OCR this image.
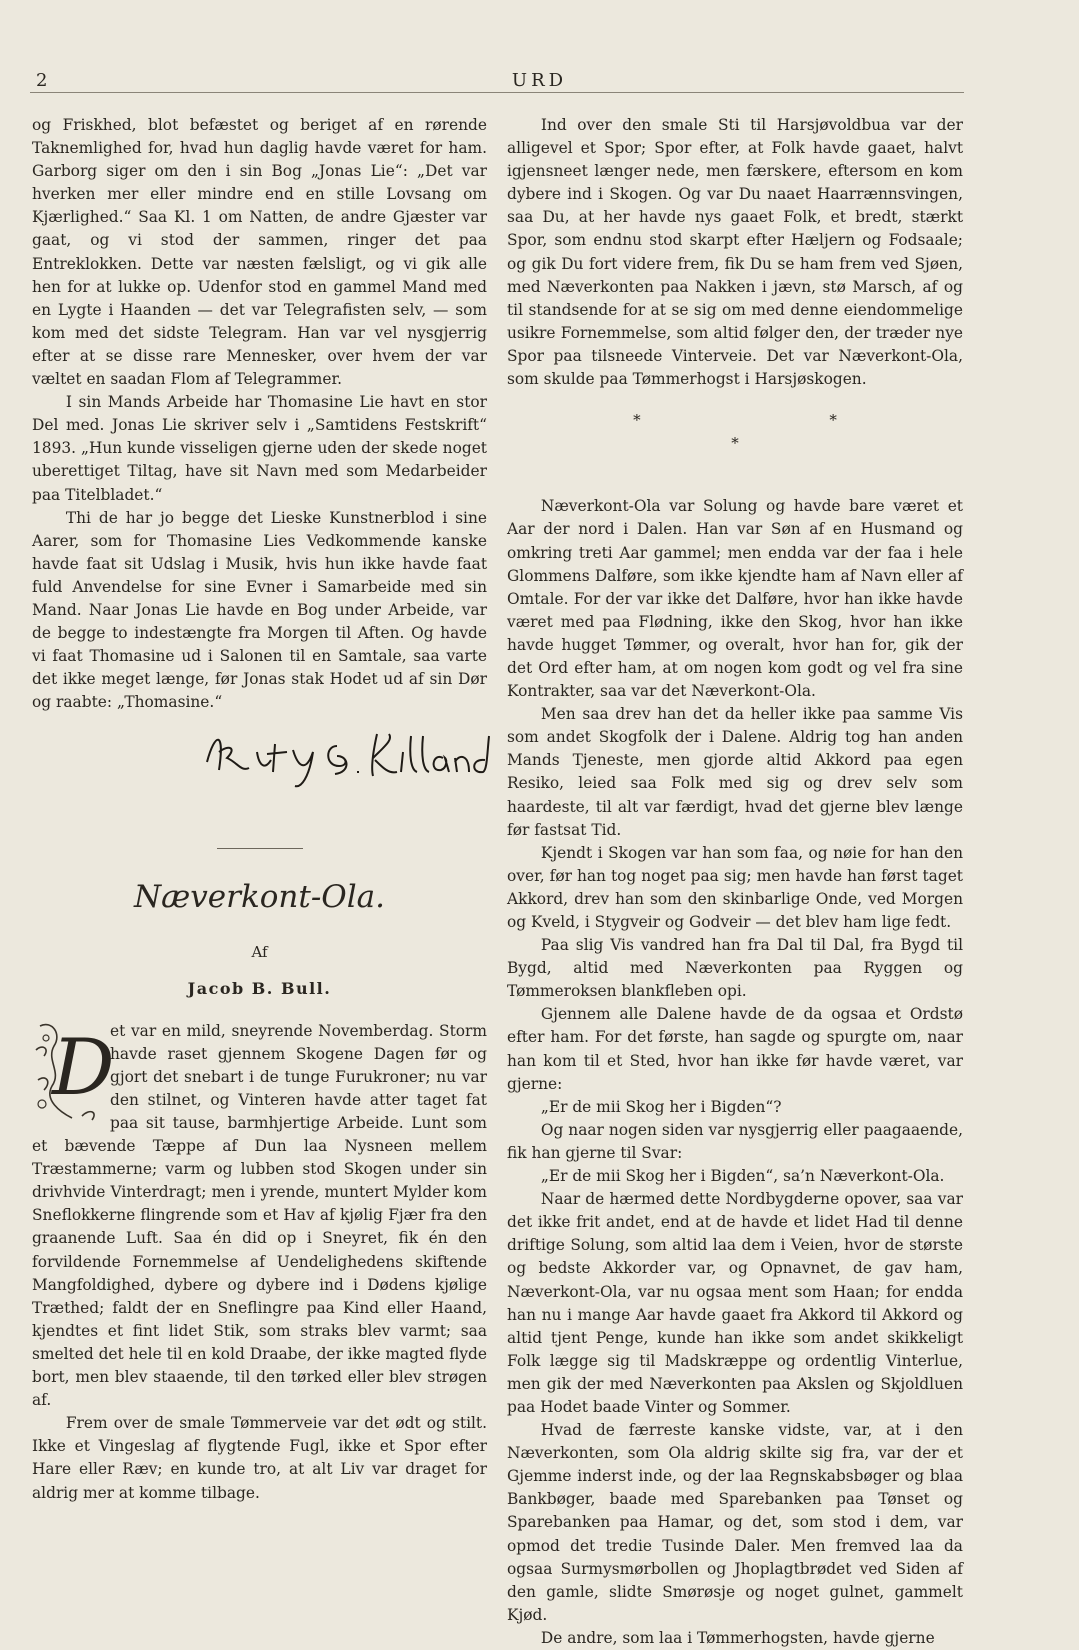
2	URD

og Friskhed, blot befæstet og beriget af en rørende Taknemlighed for, hvad hun daglig havde været for ham. Garborg siger om den i sin Bog „Jonas Lie“: „Det var hverken mer eller mindre end en stille Lovsang om Kjærlighed.“ Saa Kl. 1 om Natten, de andre Gjæster var gaat, og vi stod der sammen, ringer det paa Entreklokken. Dette var næsten fælsligt, og vi gik alle hen for at lukke op. Udenfor stod en gammel Mand med en Lygte i Haanden — det var Telegrafisten selv, — som kom med det sidste Telegram. Han var vel nysgjerrig efter at se disse rare Mennesker, over hvem der var væltet en saadan Flom af Telegrammer.

I sin Mands Arbeide har Thomasine Lie havt en stor Del med. Jonas Lie skriver selv i „Samtidens Festskrift“ 1893. „Hun kunde visseligen gjerne uden der skede noget uberettiget Tiltag, have sit Navn med som Medarbeider paa Titelbladet.“

Thi de har jo begge det Lieske Kunstnerblod i sine Aarer, som for Thomasine Lies Vedkommende kanske havde faat sit Udslag i Musik, hvis hun ikke havde faat fuld Anvendelse for sine Evner i Samarbeide med sin Mand. Naar Jonas Lie havde en Bog under Arbeide, var de begge to indestængte fra Morgen til Aften. Og havde vi faat Thomasine ud i Salonen til en Samtale, saa varte det ikke meget længe, før Jonas stak Hodet ud af sin Dør og raabte: „Thomasine.“

Næverkont-Ola.
Af
Jacob B. Bull.

D
et var en mild, sneyrende Novemberdag. Storm havde raset gjennem Skogene Dagen før og gjort det snebart i de tunge Furukroner; nu var den stilnet, og Vinteren havde atter taget fat paa sit tause, barmhjertige Arbeide. Lunt som et bævende Tæppe af Dun laa Nysneen mellem Træstammerne; varm og lubben stod Skogen under sin drivhvide Vinterdragt; men i yrende, muntert Mylder kom Sneflokkerne flingrende som et Hav af kjølig Fjær fra den graanende Luft. Saa én did op i Sneyret, fik én den forvildende Fornemmelse af Uendelighedens skiftende Mangfoldighed, dybere og dybere ind i Dødens kjølige Træthed; faldt der en Sneflingre paa Kind eller Haand, kjendtes et fint lidet Stik, som straks blev varmt; saa smelted det hele til en kold Draabe, der ikke magted flyde bort, men blev staaende, til den tørked eller blev strøgen af.

Frem over de smale Tømmerveie var det ødt og stilt. Ikke et Vingeslag af flygtende Fugl, ikke et Spor efter Hare eller Ræv; en kunde tro, at alt Liv var draget for aldrig mer at komme tilbage.

Ind over den smale Sti til Harsjøvoldbua var der alligevel et Spor; Spor efter, at Folk havde gaaet, halvt igjensneet længer nede, men færskere, eftersom en kom dybere ind i Skogen. Og var Du naaet Haarrænnsvingen, saa Du, at her havde nys gaaet Folk, et bredt, stærkt Spor, som endnu stod skarpt efter Hæljern og Fodsaale; og gik Du fort videre frem, fik Du se ham frem ved Sjøen, med Næverkonten paa Nakken i jævn, stø Marsch, af og til standsende for at se sig om med denne eiendommelige usikre Fornemmelse, som altid følger den, der træder nye Spor paa tilsneede Vinterveie. Det var Næverkont-Ola, som skulde paa Tømmerhogst i Harsjøskogen.

* * *

Næverkont-Ola var Solung og havde bare været et Aar der nord i Dalen. Han var Søn af en Husmand og omkring treti Aar gammel; men endda var der faa i hele Glommens Dalføre, som ikke kjendte ham af Navn eller af Omtale. For der var ikke det Dalføre, hvor han ikke havde været med paa Flødning, ikke den Skog, hvor han ikke havde hugget Tømmer, og overalt, hvor han for, gik der det Ord efter ham, at om nogen kom godt og vel fra sine Kontrakter, saa var det Næverkont-Ola.

Men saa drev han det da heller ikke paa samme Vis som andet Skogfolk der i Dalene. Aldrig tog han anden Mands Tjeneste, men gjorde altid Akkord paa egen Resiko, leied saa Folk med sig og drev selv som haardeste, til alt var færdigt, hvad det gjerne blev længe før fastsat Tid.

Kjendt i Skogen var han som faa, og nøie for han den over, før han tog noget paa sig; men havde han først taget Akkord, drev han som den skinbarlige Onde, ved Morgen og Kveld, i Stygveir og Godveir — det blev ham lige fedt.

Paa slig Vis vandred han fra Dal til Dal, fra Bygd til Bygd, altid med Næverkonten paa Ryggen og Tømmeroksen blankfleben opi.

Gjennem alle Dalene havde de da ogsaa et Ordstø efter ham. For det første, han sagde og spurgte om, naar han kom til et Sted, hvor han ikke før havde været, var gjerne:

„Er de mii Skog her i Bigden“?

Og naar nogen siden var nysgjerrig eller paagaaende, fik han gjerne til Svar:

„Er de mii Skog her i Bigden“, sa’n Næverkont-Ola.

Naar de hærmed dette Nordbygderne opover, saa var det ikke frit andet, end at de havde et lidet Had til denne driftige Solung, som altid laa dem i Veien, hvor de største og bedste Akkorder var, og Opnavnet, de gav ham, Næverkont-Ola, var nu ogsaa ment som Haan; for endda han nu i mange Aar havde gaaet fra Akkord til Akkord og altid tjent Penge, kunde han ikke som andet skikkeligt Folk lægge sig til Madskræppe og ordentlig Vinterlue, men gik der med Næverkonten paa Akslen og Skjoldluen paa Hodet baade Vinter og Sommer.

Hvad de færreste kanske vidste, var, at i den Næverkonten, som Ola aldrig skilte sig fra, var der et Gjemme inderst inde, og der laa Regnskabsbøger og blaa Bankbøger, baade med Sparebanken paa Tønset og Sparebanken paa Hamar, og det, som stod i dem, var opmod det tredie Tusinde Daler. Men fremved laa da ogsaa Surmysmørbollen og Jhoplagtbrødet ved Siden af den gamle, slidte Smørøsje og noget gulnet, gammelt Kjød.

De andre, som laa i Tømmerhogsten, havde gjerne
